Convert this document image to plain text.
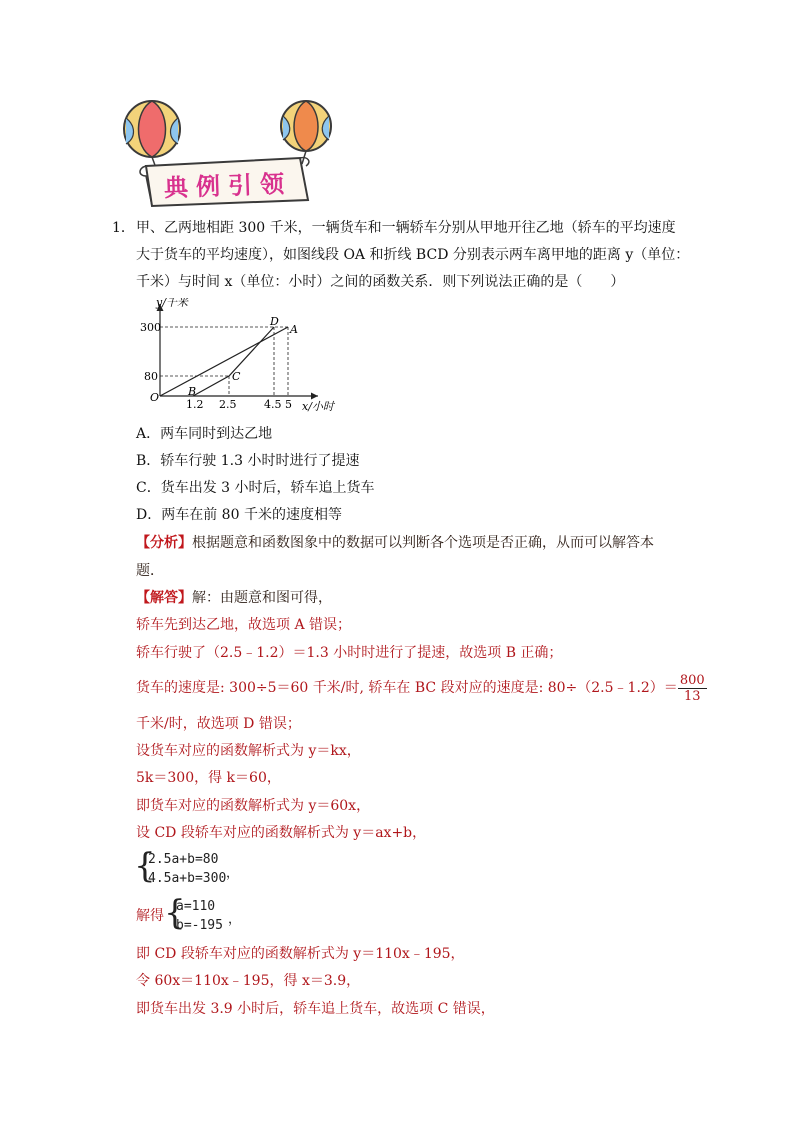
典例引领
1． 甲、乙两地相距 300 千米，一辆货车和一辆轿车分别从甲地开往乙地（轿车的平均速度
大于货车的平均速度），如图线段 OA 和折线 BCD 分别表示两车离甲地的距离 y（单位：
千米）与时间 x（单位：小时）之间的函数关系．则下列说法正确的是（　　）
y/千米
x/小时
300
80
O
1.2 2.5	4.5 5
A
B
C
D
A．两车同时到达乙地
B．轿车行驶 1.3 小时时进行了提速
C．货车出发 3 小时后，轿车追上货车
D．两车在前 80 千米的速度相等
【分析】根据题意和函数图象中的数据可以判断各个选项是否正确，从而可以解答本
题．
【解答】解：由题意和图可得，
轿车先到达乙地，故选项 A 错误；
轿车行驶了（2.5﹣1.2）＝1.3 小时时进行了提速，故选项 B 正确；
货车的速度是: 300÷5＝60 千米/时, 轿车在 BC 段对应的速度是: 80÷（2.5﹣1.2）＝ $\frac{800}{13}$
千米/时，故选项 D 错误；
设货车对应的函数解析式为 y＝kx，
5k＝300，得 k＝60，
即货车对应的函数解析式为 y＝60x，
设 CD 段轿车对应的函数解析式为 y＝ax+b，
{
2.5a+b=80
4.5a+b=300 ，
解得 {
a=110
b=-195 ，
即 CD 段轿车对应的函数解析式为 y＝110x﹣195，
令 60x＝110x﹣195，得 x＝3.9，
即货车出发 3.9 小时后，轿车追上货车，故选项 C 错误，
